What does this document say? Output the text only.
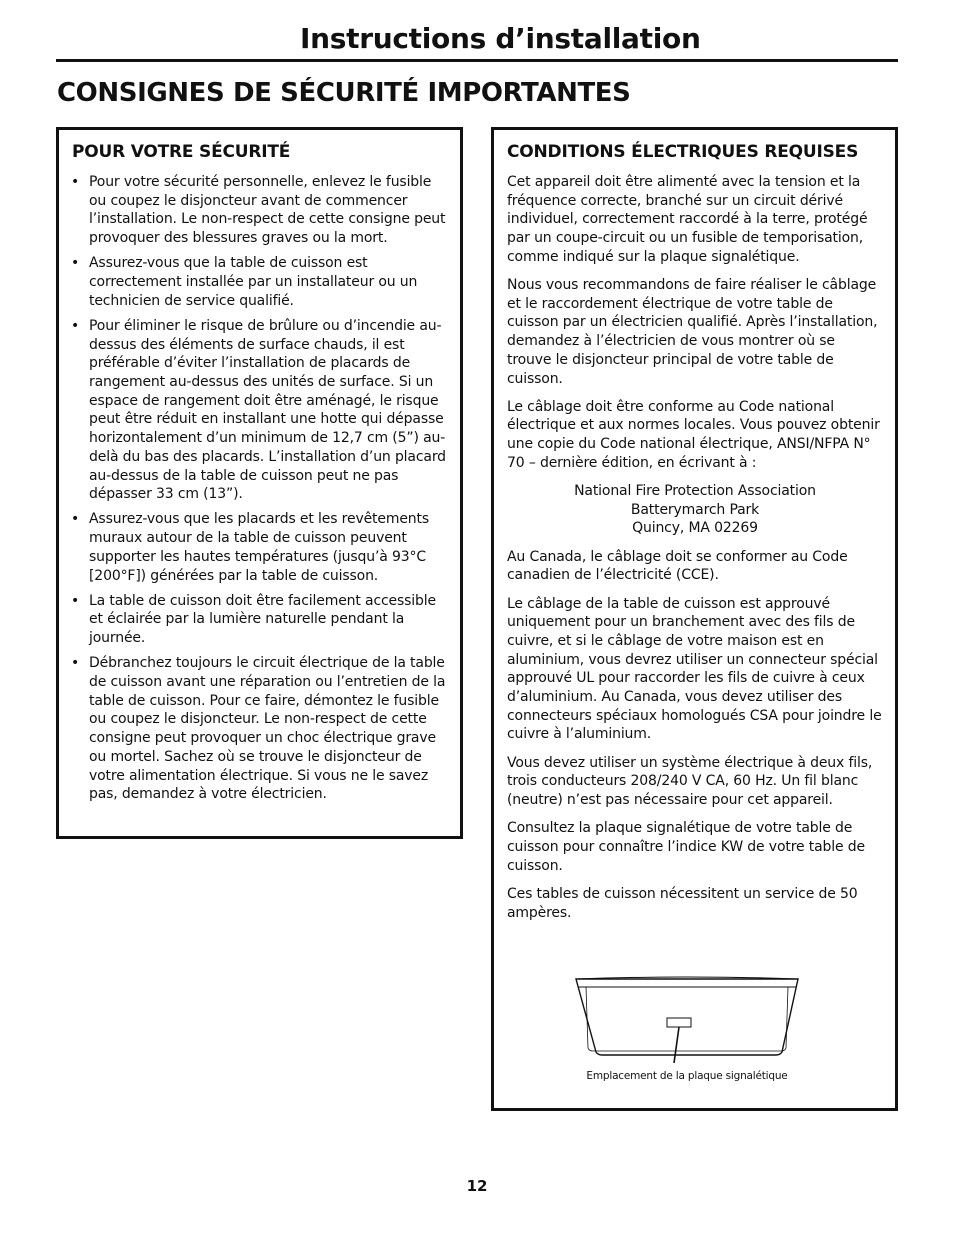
Instructions d’installation
CONSIGNES DE SÉCURITÉ IMPORTANTES
POUR VOTRE SÉCURITÉ
• Pour votre sécurité personnelle, enlevez le fusible ou coupez le disjoncteur avant de commencer l’installation. Le non-respect de cette consigne peut provoquer des blessures graves ou la mort.
• Assurez-vous que la table de cuisson est correctement installée par un installateur ou un technicien de service qualifié.
• Pour éliminer le risque de brûlure ou d’incendie au-dessus des éléments de surface chauds, il est préférable d’éviter l’installation de placards de rangement au-dessus des unités de surface. Si un espace de rangement doit être aménagé, le risque peut être réduit en installant une hotte qui dépasse horizontalement d’un minimum de 12,7 cm (5”) au-delà du bas des placards. L’installation d’un placard au-dessus de la table de cuisson peut ne pas dépasser 33 cm (13”).
• Assurez-vous que les placards et les revêtements muraux autour de la table de cuisson peuvent supporter les hautes températures (jusqu’à 93°C [200°F]) générées par la table de cuisson.
• La table de cuisson doit être facilement accessible et éclairée par la lumière naturelle pendant la journée.
• Débranchez toujours le circuit électrique de la table de cuisson avant une réparation ou l’entretien de la table de cuisson. Pour ce faire, démontez le fusible ou coupez le disjoncteur. Le non-respect de cette consigne peut provoquer un choc électrique grave ou mortel. Sachez où se trouve le disjoncteur de votre alimentation électrique. Si vous ne le savez pas, demandez à votre électricien.
CONDITIONS ÉLECTRIQUES REQUISES

Cet appareil doit être alimenté avec la tension et la fréquence correcte, branché sur un circuit dérivé individuel, correctement raccordé à la terre, protégé par un coupe-circuit ou un fusible de temporisation, comme indiqué sur la plaque signalétique.

Nous vous recommandons de faire réaliser le câblage et le raccordement électrique de votre table de cuisson par un électricien qualifié. Après l’installation, demandez à l’électricien de vous montrer où se trouve le disjoncteur principal de votre table de cuisson.

Le câblage doit être conforme au Code national électrique et aux normes locales. Vous pouvez obtenir une copie du Code national électrique, ANSI/NFPA N° 70 – dernière édition, en écrivant à :

National Fire Protection Association
Batterymarch Park
Quincy, MA 02269

Au Canada, le câblage doit se conformer au Code canadien de l’électricité (CCE).

Le câblage de la table de cuisson est approuvé uniquement pour un branchement avec des fils de cuivre, et si le câblage de votre maison est en aluminium, vous devrez utiliser un connecteur spécial approuvé UL pour raccorder les fils de cuivre à ceux d’aluminium. Au Canada, vous devez utiliser des connecteurs spéciaux homologués CSA pour joindre le cuivre à l’aluminium.

Vous devez utiliser un système électrique à deux fils, trois conducteurs 208/240 V CA, 60 Hz. Un fil blanc (neutre) n’est pas nécessaire pour cet appareil.

Consultez la plaque signalétique de votre table de cuisson pour connaître l’indice KW de votre table de cuisson.

Ces tables de cuisson nécessitent un service de 50 ampères.

Emplacement de la plaque signalétique
12
